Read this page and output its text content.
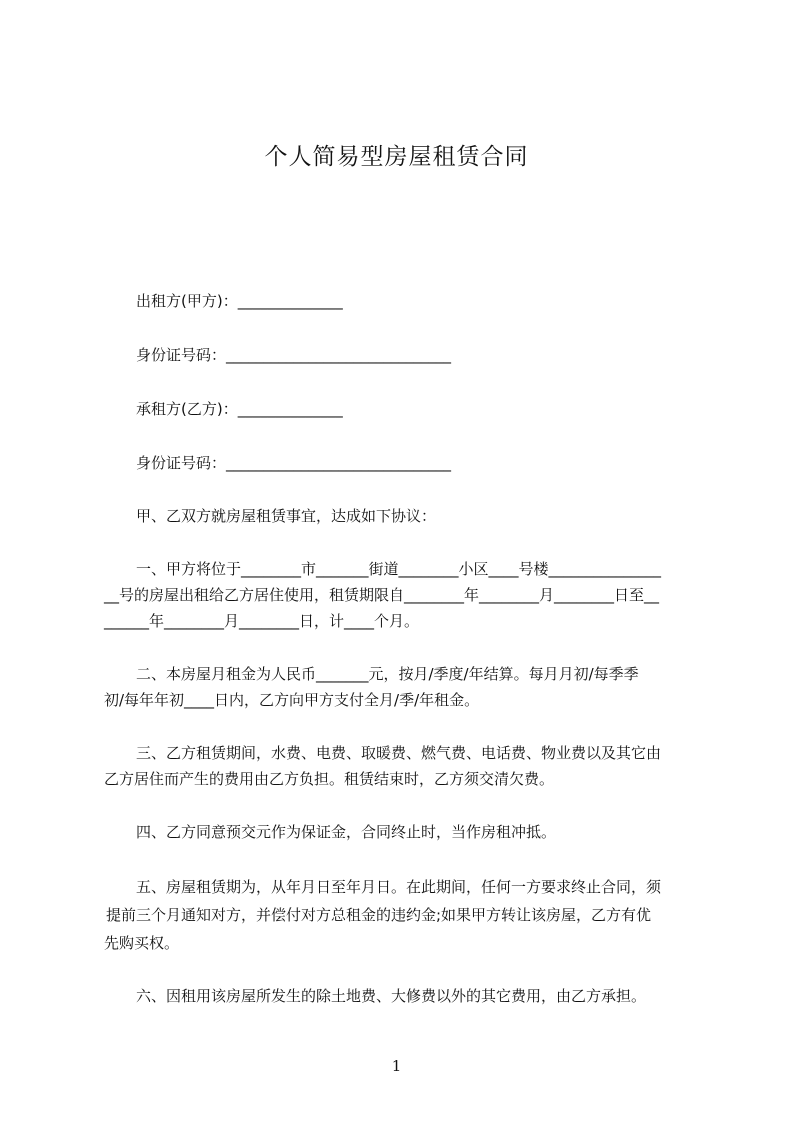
个人简易型房屋租赁合同
出租方(甲方)：______________
身份证号码：______________________________
承租方(乙方)：______________
身份证号码：______________________________
甲、乙双方就房屋租赁事宜，达成如下协议：
一、甲方将位于________市_______街道________小区____号楼_______________
__号的房屋出租给乙方居住使用，租赁期限自________年________月________日至__
______年________月________日，计____个月。
二、本房屋月租金为人民币_______元，按月/季度/年结算。每月月初/每季季
初/每年年初____日内，乙方向甲方支付全月/季/年租金。
三、乙方租赁期间，水费、电费、取暖费、燃气费、电话费、物业费以及其它由
乙方居住而产生的费用由乙方负担。租赁结束时，乙方须交清欠费。
四、乙方同意预交元作为保证金，合同终止时，当作房租冲抵。
五、房屋租赁期为，从年月日至年月日。在此期间，任何一方要求终止合同，须
提前三个月通知对方，并偿付对方总租金的违约金;如果甲方转让该房屋，乙方有优
先购买权。
六、因租用该房屋所发生的除土地费、大修费以外的其它费用，由乙方承担。
1
